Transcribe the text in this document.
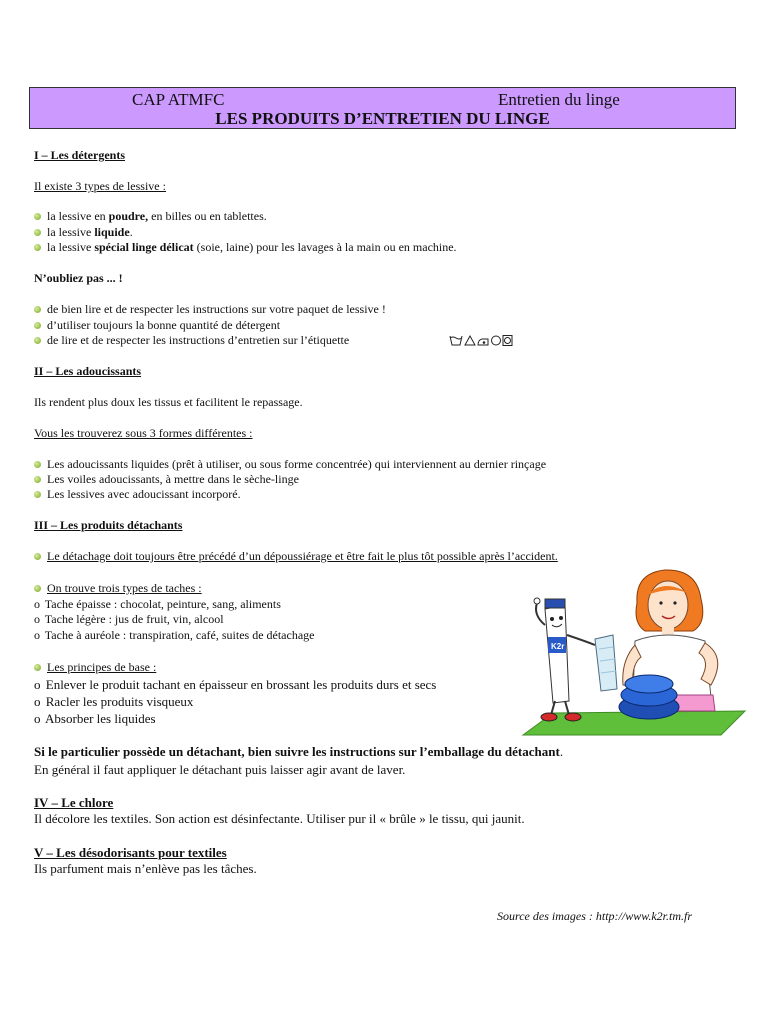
CAP ATMFC	Entretien du linge
LES PRODUITS D’ENTRETIEN DU LINGE
I – Les détergents
Il existe 3 types de lessive :
la lessive en poudre, en billes ou en tablettes.
la lessive liquide.
la lessive spécial linge délicat (soie, laine) pour les lavages à la main ou en machine.
N’oubliez pas ... !
de bien lire et de respecter les instructions sur votre paquet de lessive !
d’utiliser toujours la bonne quantité de détergent
de lire et de respecter les instructions d’entretien sur l’étiquette
II – Les adoucissants
Ils rendent plus doux les tissus et facilitent le repassage.
Vous les trouverez sous 3 formes différentes :
Les adoucissants liquides (prêt à utiliser, ou sous forme concentrée) qui interviennent au dernier rinçage
Les voiles adoucissants, à mettre dans le sèche-linge
Les lessives avec adoucissant incorporé.
III – Les produits détachants
Le détachage doit toujours être précédé d’un dépoussiérage et être fait le plus tôt possible après l’accident.
On trouve trois types de taches :
o Tache épaisse : chocolat, peinture, sang, aliments
o Tache légère : jus de fruit, vin, alcool
o Tache à auréole : transpiration, café, suites de détachage
Les principes de base :
o Enlever le produit tachant en épaisseur en brossant les produits durs et secs
o Racler les produits visqueux
o Absorber les liquides
Si le particulier possède un détachant, bien suivre les instructions sur l’emballage du détachant.
En général il faut appliquer le détachant puis laisser agir avant de laver.
K2r
IV – Le chlore
Il décolore les textiles. Son action est désinfectante. Utiliser pur il « brûle » le tissu, qui jaunit.
V – Les désodorisants pour textiles
Ils parfument mais n’enlève pas les tâches.
Source des images : http://www.k2r.tm.fr
